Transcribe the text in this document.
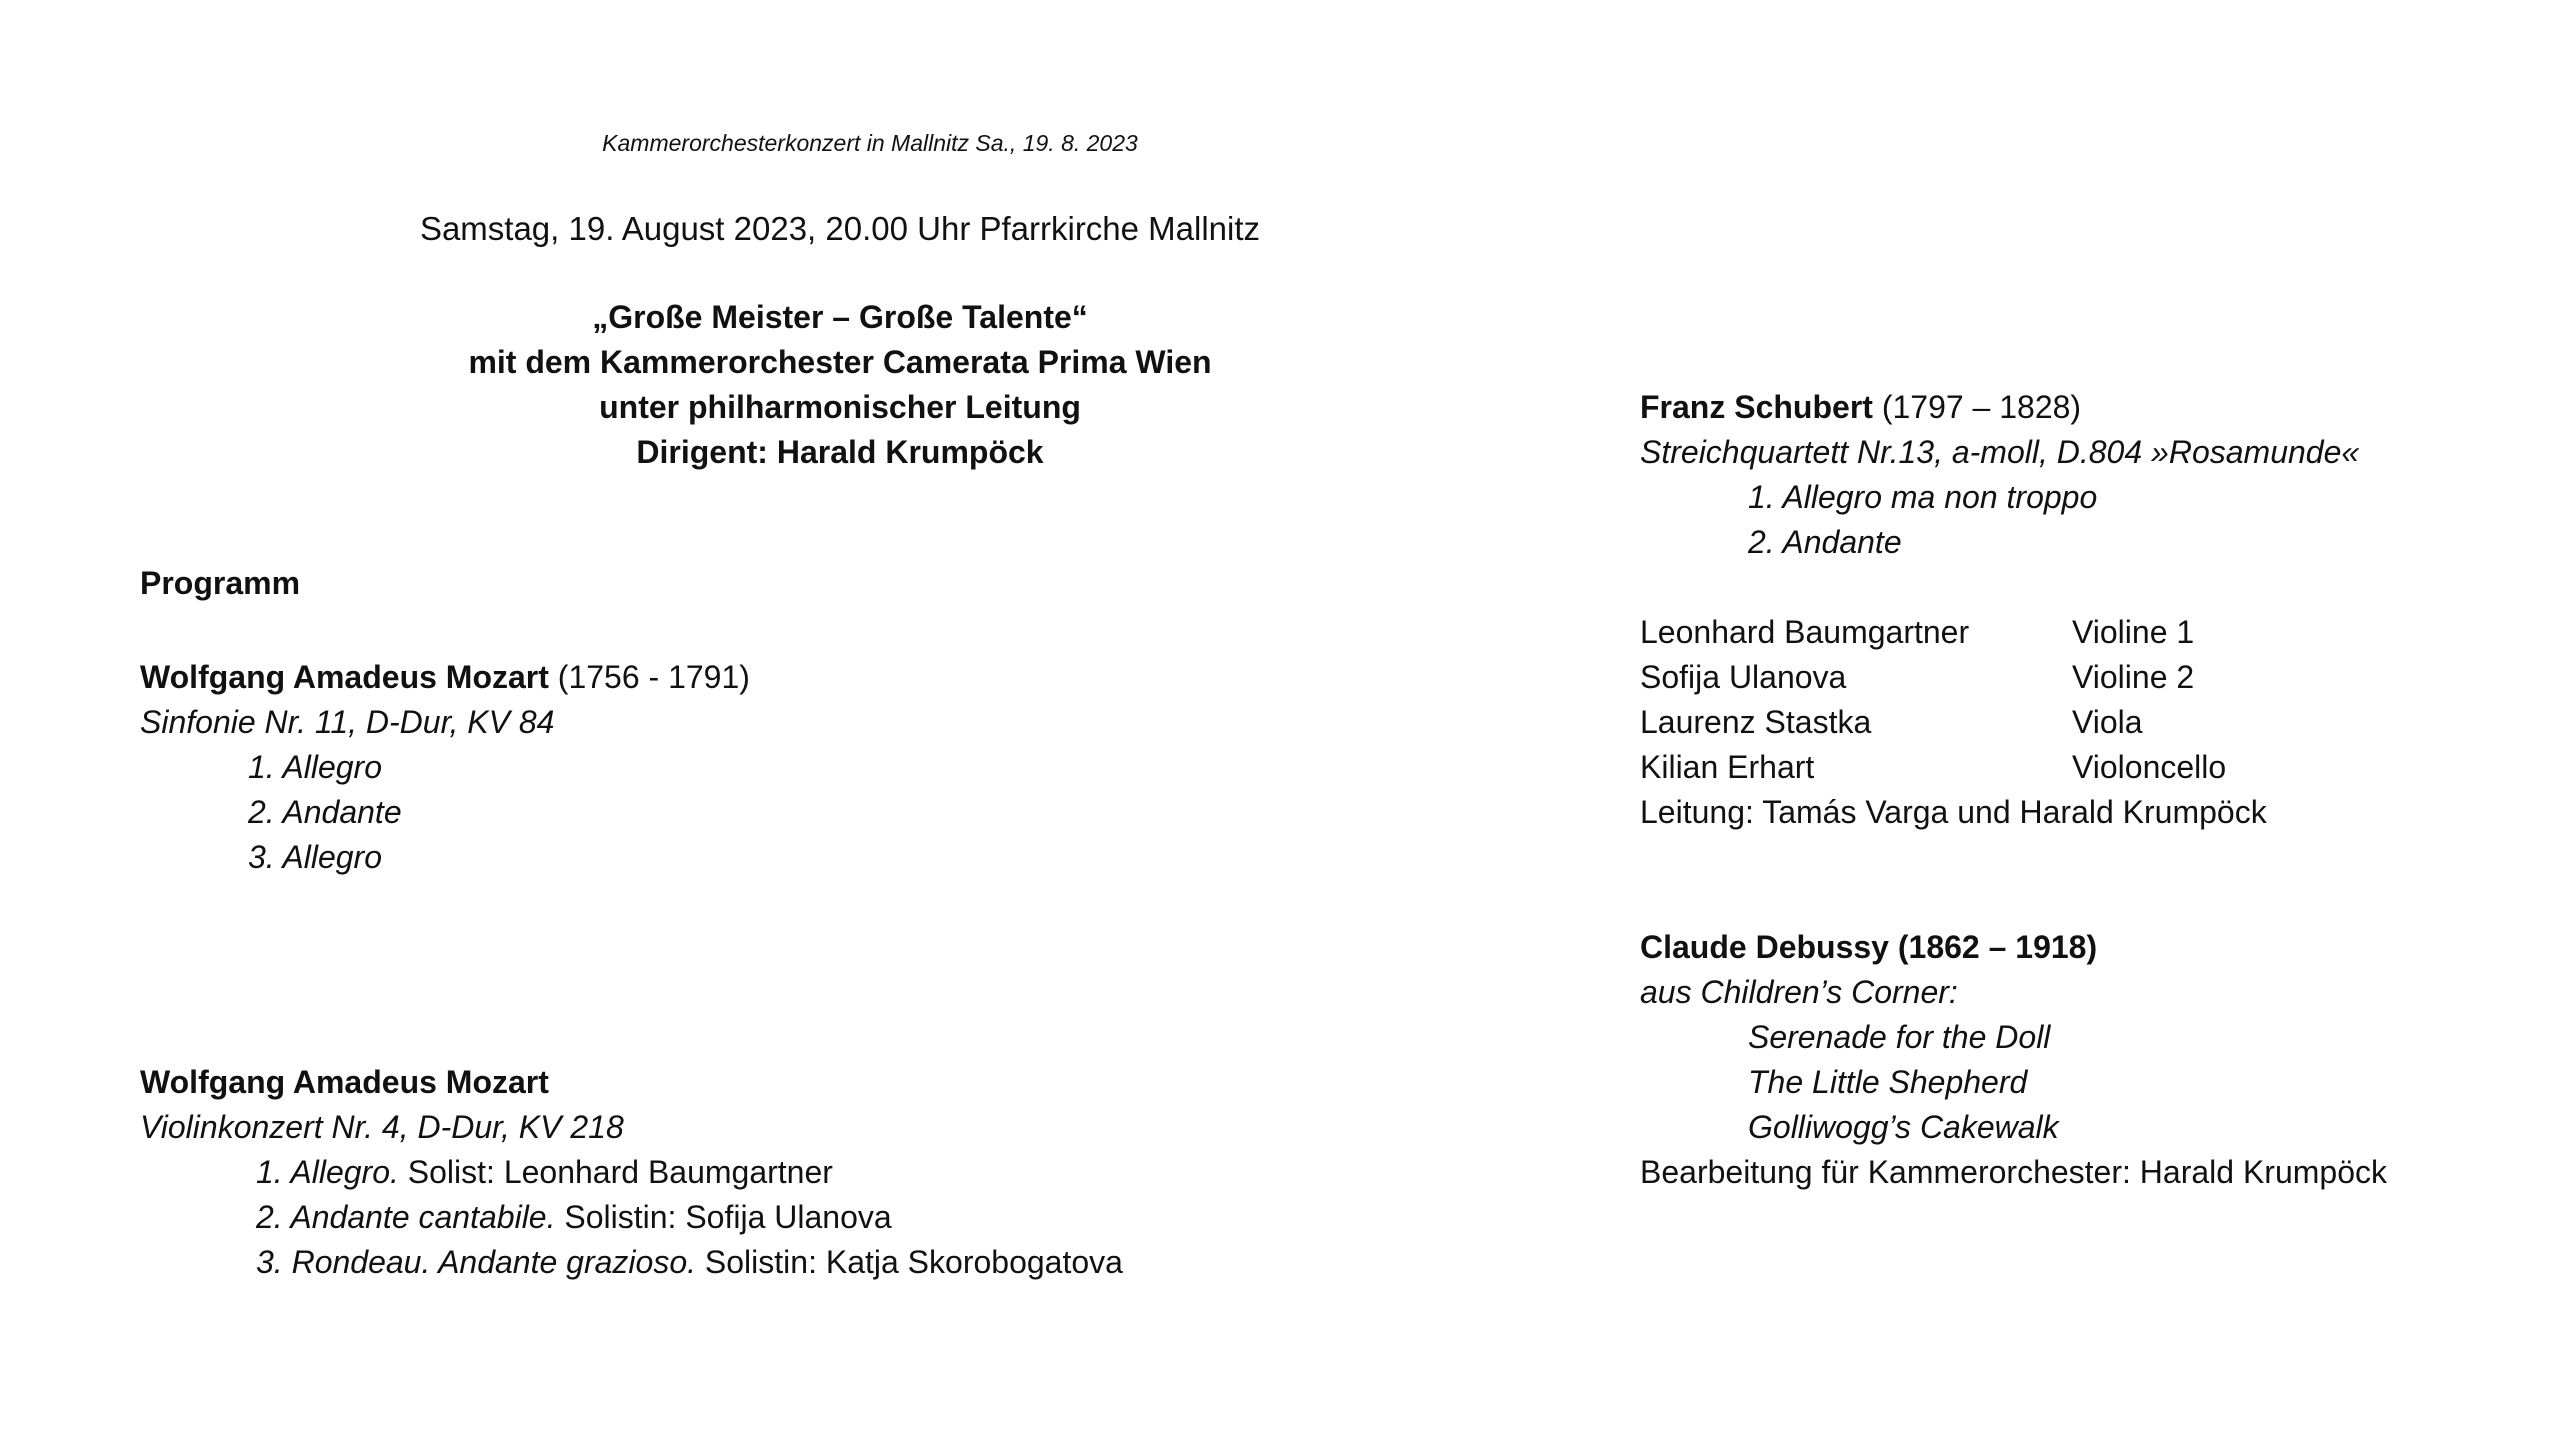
Kammerorchesterkonzert in Mallnitz Sa., 19. 8. 2023
Samstag, 19. August 2023, 20.00 Uhr Pfarrkirche Mallnitz
„Große Meister – Große Talente“
mit dem Kammerorchester Camerata Prima Wien
unter philharmonischer Leitung
Dirigent: Harald Krumpöck
Programm
Wolfgang Amadeus Mozart (1756 - 1791)
Sinfonie Nr. 11, D-Dur, KV 84
1. Allegro
2. Andante
3. Allegro
Wolfgang Amadeus Mozart
Violinkonzert Nr. 4, D-Dur, KV 218
1. Allegro. Solist: Leonhard Baumgartner
2. Andante cantabile. Solistin: Sofija Ulanova
3. Rondeau. Andante grazioso. Solistin: Katja Skorobogatova
Franz Schubert (1797 – 1828)
Streichquartett Nr.13, a-moll, D.804 »Rosamunde«
1. Allegro ma non troppo
2. Andante
Leonhard Baumgartner	Violine 1
Sofija Ulanova	Violine 2
Laurenz Stastka	Viola
Kilian Erhart	Violoncello
Leitung: Tamás Varga und Harald Krumpöck
Claude Debussy (1862 – 1918)
aus Children’s Corner:
Serenade for the Doll
The Little Shepherd
Golliwogg’s Cakewalk
Bearbeitung für Kammerorchester: Harald Krumpöck
